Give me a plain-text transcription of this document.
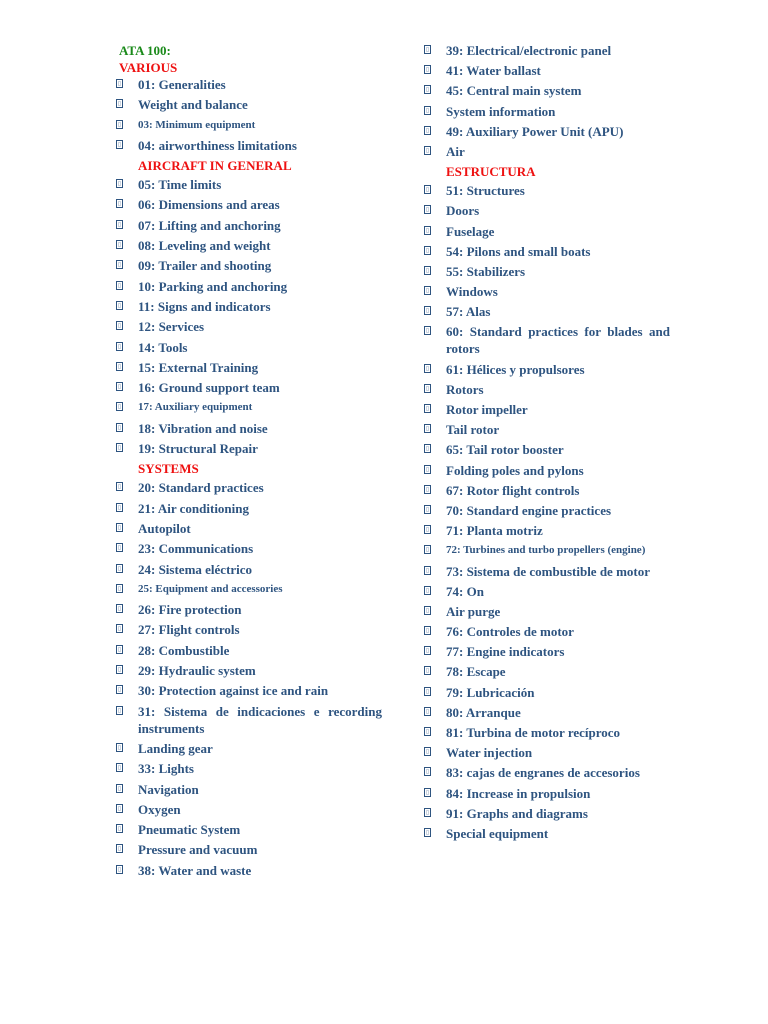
ATA 100:
VARIOUS
01: Generalities
Weight and balance
03: Minimum equipment
04: airworthiness limitations
AIRCRAFT IN GENERAL
05: Time limits
06: Dimensions and areas
07: Lifting and anchoring
08: Leveling and weight
09: Trailer and shooting
10: Parking and anchoring
11: Signs and indicators
12: Services
14: Tools
15: External Training
16: Ground support team
17: Auxiliary equipment
18: Vibration and noise
19: Structural Repair
SYSTEMS
20: Standard practices
21: Air conditioning
Autopilot
23: Communications
24: Sistema eléctrico
25: Equipment and accessories
26: Fire protection
27: Flight controls
28: Combustible
29: Hydraulic system
30: Protection against ice and rain
31: Sistema de indicaciones e recording instruments
Landing gear
33: Lights
Navigation
Oxygen
Pneumatic System
Pressure and vacuum
38: Water and waste
39: Electrical/electronic panel
41: Water ballast
45: Central main system
System information
49: Auxiliary Power Unit (APU)
Air
ESTRUCTURA
51: Structures
Doors
Fuselage
54: Pilons and small boats
55: Stabilizers
Windows
57: Alas
60: Standard practices for blades and rotors
61: Hélices y propulsores
Rotors
Rotor impeller
Tail rotor
65: Tail rotor booster
Folding poles and pylons
67: Rotor flight controls
70: Standard engine practices
71: Planta motriz
72: Turbines and turbo propellers (engine)
73: Sistema de combustible de motor
74: On
Air purge
76: Controles de motor
77: Engine indicators
78: Escape
79: Lubricación
80: Arranque
81: Turbina de motor recíproco
Water injection
83: cajas de engranes de accesorios
84: Increase in propulsion
91: Graphs and diagrams
Special equipment
